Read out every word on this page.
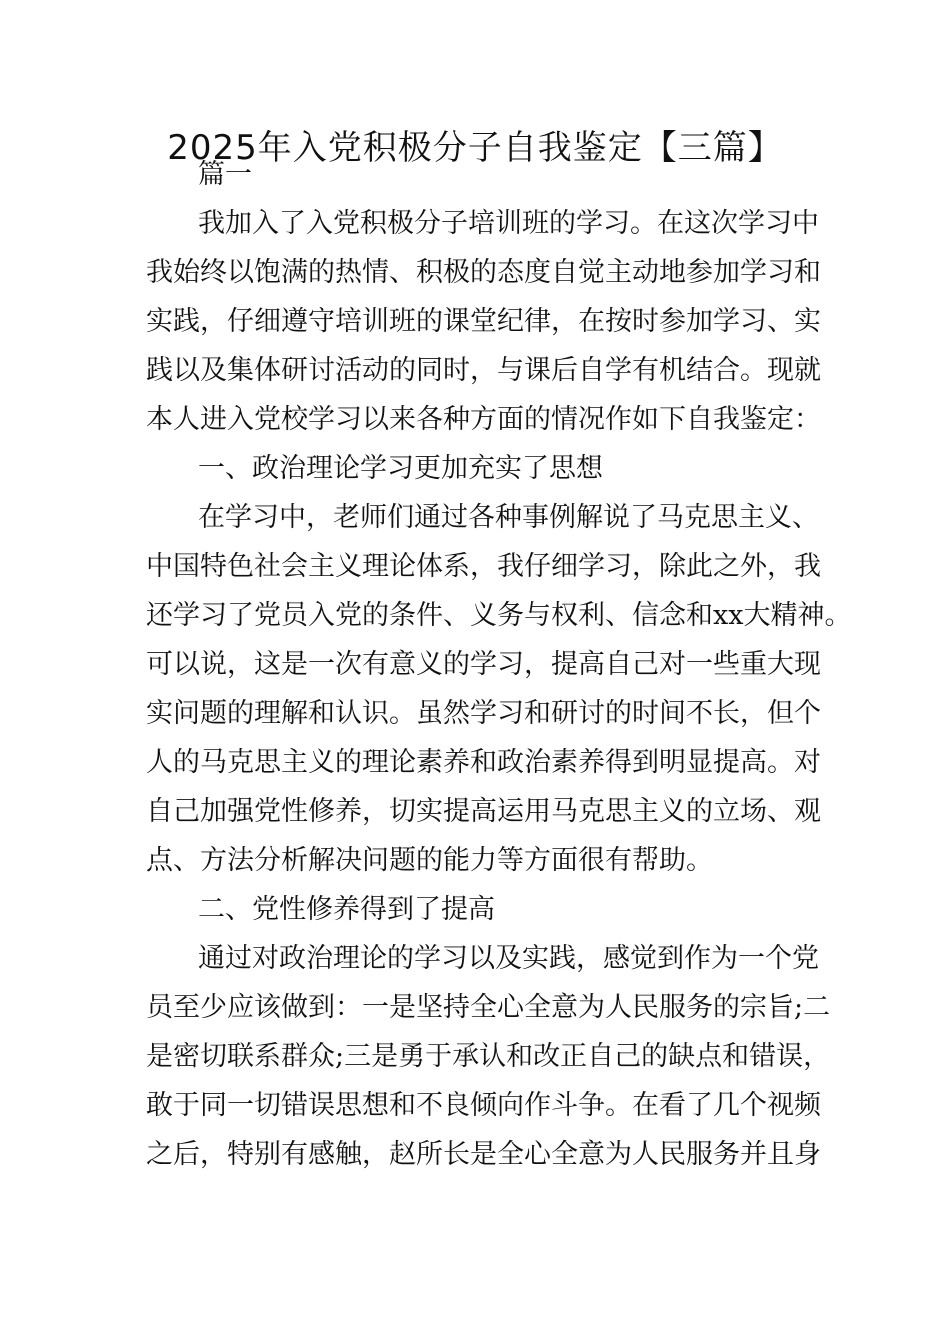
2025年入党积极分子自我鉴定【三篇】
篇一
我加入了入党积极分子培训班的学习。在这次学习中
我始终以饱满的热情、积极的态度自觉主动地参加学习和
实践，仔细遵守培训班的课堂纪律，在按时参加学习、实
践以及集体研讨活动的同时，与课后自学有机结合。现就
本人进入党校学习以来各种方面的情况作如下自我鉴定：
一、政治理论学习更加充实了思想
在学习中，老师们通过各种事例解说了马克思主义、
中国特色社会主义理论体系，我仔细学习，除此之外，我
还学习了党员入党的条件、义务与权利、信念和xx大精神。
可以说，这是一次有意义的学习，提高自己对一些重大现
实问题的理解和认识。虽然学习和研讨的时间不长，但个
人的马克思主义的理论素养和政治素养得到明显提高。对
自己加强党性修养，切实提高运用马克思主义的立场、观
点、方法分析解决问题的能力等方面很有帮助。
二、党性修养得到了提高
通过对政治理论的学习以及实践，感觉到作为一个党
员至少应该做到：一是坚持全心全意为人民服务的宗旨;二
是密切联系群众;三是勇于承认和改正自己的缺点和错误，
敢于同一切错误思想和不良倾向作斗争。在看了几个视频
之后，特别有感触，赵所长是全心全意为人民服务并且身
